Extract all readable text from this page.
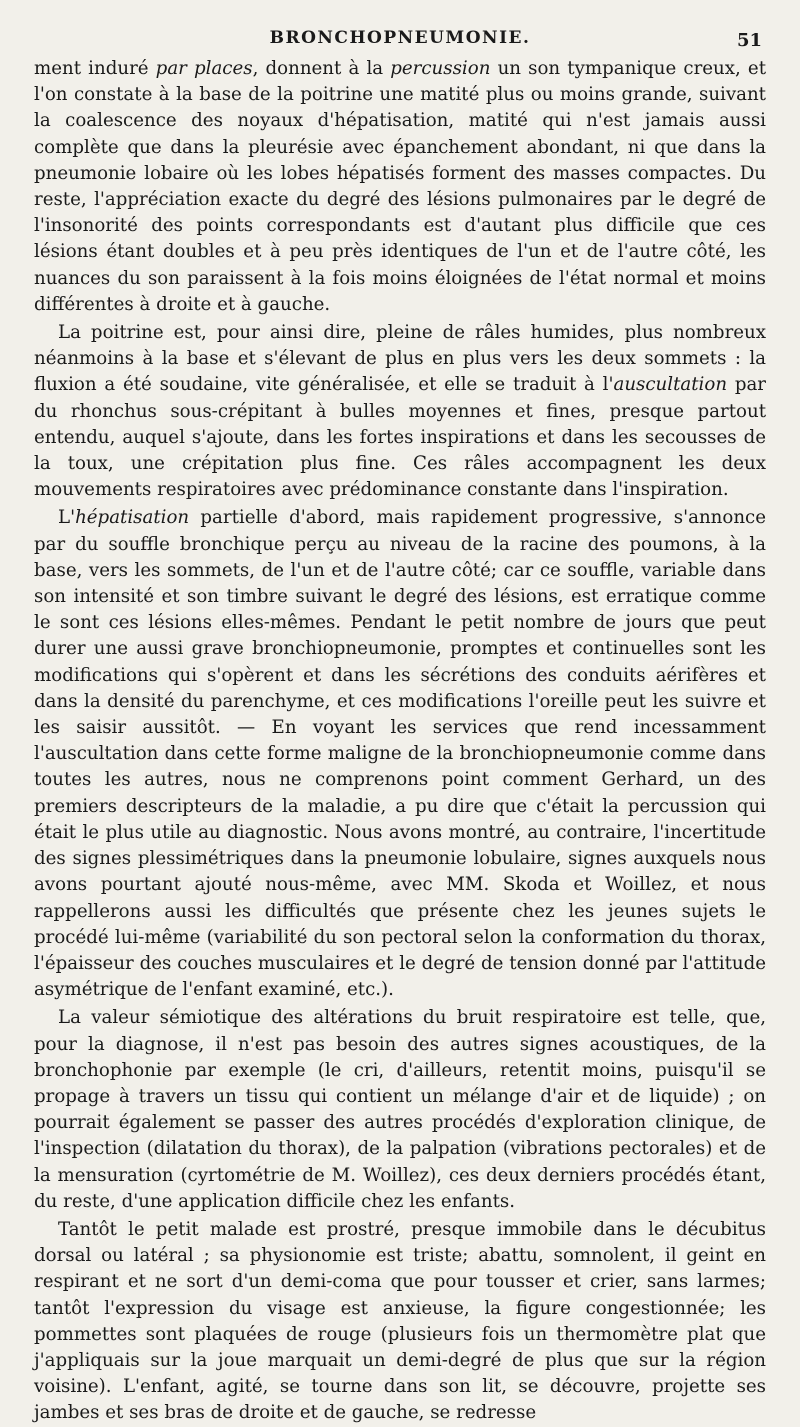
BRONCHOPNEUMONIE.	51

ment induré par places, donnent à la percussion un son tympanique creux, et l'on constate à la base de la poitrine une matité plus ou moins grande, suivant la coalescence des noyaux d'hépatisation, matité qui n'est jamais aussi complète que dans la pleurésie avec épanchement abondant, ni que dans la pneumonie lobaire où les lobes hépatisés forment des masses compactes. Du reste, l'appréciation exacte du degré des lésions pulmonaires par le degré de l'insonorité des points correspondants est d'autant plus difficile que ces lésions étant doubles et à peu près identiques de l'un et de l'autre côté, les nuances du son paraissent à la fois moins éloignées de l'état normal et moins différentes à droite et à gauche.

La poitrine est, pour ainsi dire, pleine de râles humides, plus nombreux néanmoins à la base et s'élevant de plus en plus vers les deux sommets : la fluxion a été soudaine, vite généralisée, et elle se traduit à l'auscultation par du rhonchus sous-crépitant à bulles moyennes et fines, presque partout entendu, auquel s'ajoute, dans les fortes inspirations et dans les secousses de la toux, une crépitation plus fine. Ces râles accompagnent les deux mouvements respiratoires avec prédominance constante dans l'inspiration.

L'hépatisation partielle d'abord, mais rapidement progressive, s'annonce par du souffle bronchique perçu au niveau de la racine des poumons, à la base, vers les sommets, de l'un et de l'autre côté; car ce souffle, variable dans son intensité et son timbre suivant le degré des lésions, est erratique comme le sont ces lésions elles-mêmes. Pendant le petit nombre de jours que peut durer une aussi grave bronchiopneumonie, promptes et continuelles sont les modifications qui s'opèrent et dans les sécrétions des conduits aérifères et dans la densité du parenchyme, et ces modifications l'oreille peut les suivre et les saisir aussitôt. — En voyant les services que rend incessamment l'auscultation dans cette forme maligne de la bronchiopneumonie comme dans toutes les autres, nous ne comprenons point comment Gerhard, un des premiers descripteurs de la maladie, a pu dire que c'était la percussion qui était le plus utile au diagnostic. Nous avons montré, au contraire, l'incertitude des signes plessimétriques dans la pneumonie lobulaire, signes auxquels nous avons pourtant ajouté nous-même, avec MM. Skoda et Woillez, et nous rappellerons aussi les difficultés que présente chez les jeunes sujets le procédé lui-même (variabilité du son pectoral selon la conformation du thorax, l'épaisseur des couches musculaires et le degré de tension donné par l'attitude asymétrique de l'enfant examiné, etc.).

La valeur sémiotique des altérations du bruit respiratoire est telle, que, pour la diagnose, il n'est pas besoin des autres signes acoustiques, de la bronchophonie par exemple (le cri, d'ailleurs, retentit moins, puisqu'il se propage à travers un tissu qui contient un mélange d'air et de liquide) ; on pourrait également se passer des autres procédés d'exploration clinique, de l'inspection (dilatation du thorax), de la palpation (vibrations pectorales) et de la mensuration (cyrtométrie de M. Woillez), ces deux derniers procédés étant, du reste, d'une application difficile chez les enfants.

Tantôt le petit malade est prostré, presque immobile dans le décubitus dorsal ou latéral ; sa physionomie est triste; abattu, somnolent, il geint en respirant et ne sort d'un demi-coma que pour tousser et crier, sans larmes; tantôt l'expression du visage est anxieuse, la figure congestionnée; les pommettes sont plaquées de rouge (plusieurs fois un thermomètre plat que j'appliquais sur la joue marquait un demi-degré de plus que sur la région voisine). L'enfant, agité, se tourne dans son lit, se découvre, projette ses jambes et ses bras de droite et de gauche, se redresse
